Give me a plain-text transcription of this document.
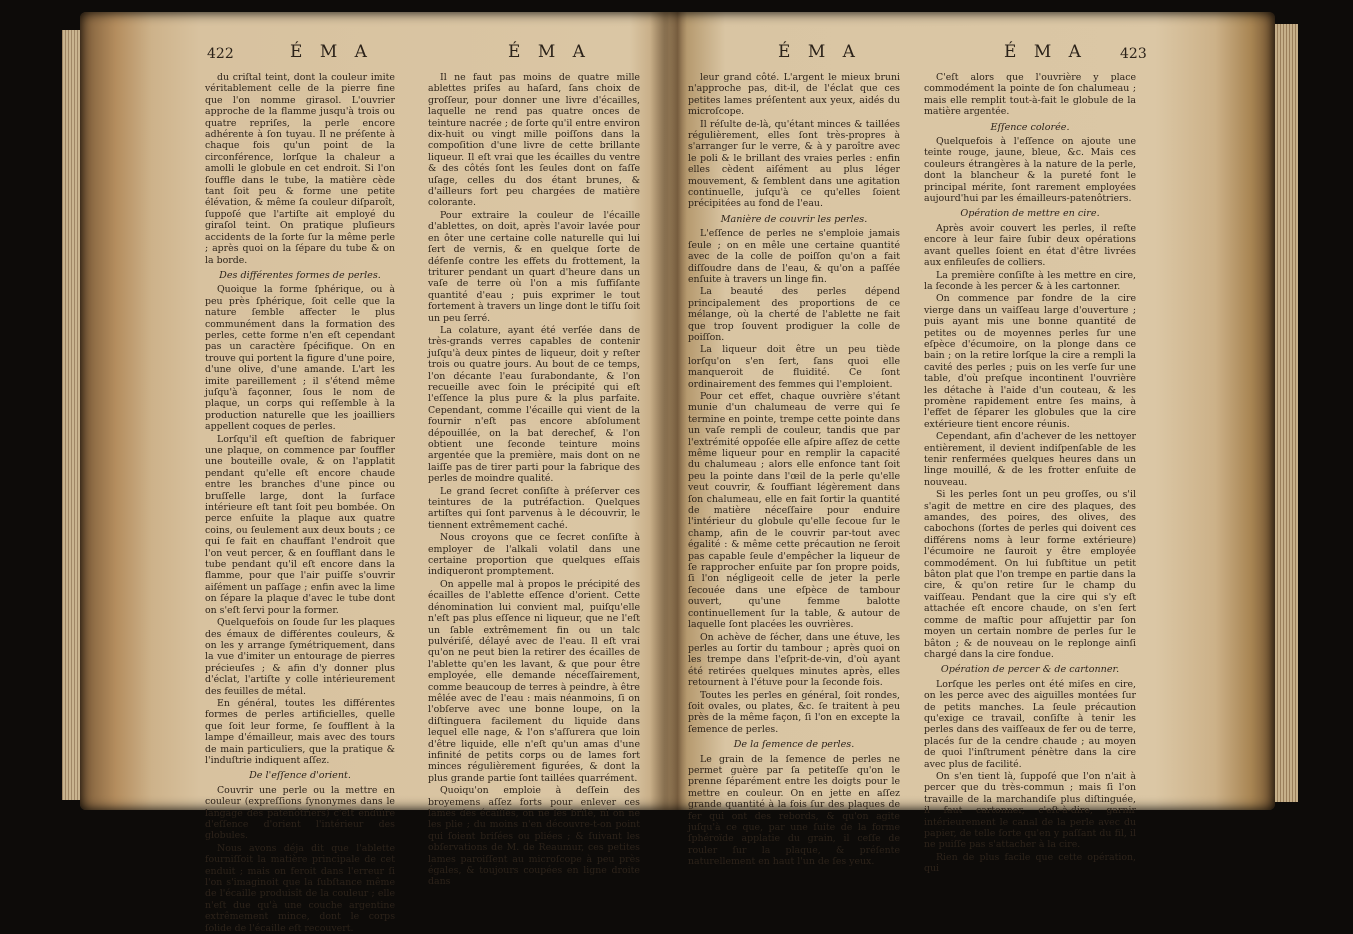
422	É M A	É M A

du criſtal teint, dont la couleur imite véritablement celle de la pierre fine que l'on nomme girasol. L'ouvrier approche de la flamme jusqu'à trois ou quatre repriſes, la perle encore adhérente à ſon tuyau. Il ne préſente à chaque fois qu'un point de la circonférence, lorſque la chaleur a amolli le globule en cet endroit. Si l'on ſouffle dans le tube, la matière cède tant ſoit peu & forme une petite élévation, & même ſa couleur diſparoît, ſuppoſé que l'artiſte ait employé du giraſol teint. On pratique pluſieurs accidents de la ſorte ſur la même perle ; après quoi on la ſépare du tube & on la borde.

Des différentes formes de perles.

Quoique la forme ſphérique, ou à peu près ſphérique, ſoit celle que la nature ſemble affecter le plus communément dans la formation des perles, cette forme n'en eſt cependant pas un caractère ſpécifique. On en trouve qui portent la figure d'une poire, d'une olive, d'une amande. L'art les imite pareillement ; il s'étend même juſqu'à façonner, ſous le nom de plaque, un corps qui reſſemble à la production naturelle que les joailliers appellent coques de perles.

Lorſqu'il eſt queſtion de fabriquer une plaque, on commence par ſouffler une bouteille ovale, & on l'applatit pendant qu'elle eſt encore chaude entre les branches d'une pince ou bruſſelle large, dont la ſurface intérieure eſt tant ſoit peu bombée. On perce enſuite la plaque aux quatre coins, ou ſeulement aux deux bouts ; ce qui ſe fait en chauffant l'endroit que l'on veut percer, & en ſoufflant dans le tube pendant qu'il eſt encore dans la flamme, pour que l'air puiſſe s'ouvrir aiſément un paſſage ; enfin avec la lime on ſépare la plaque d'avec le tube dont on s'eſt ſervi pour la former.

Quelquefois on ſoude ſur les plaques des émaux de différentes couleurs, & on les y arrange ſymétriquement, dans la vue d'imiter un entourage de pierres précieuſes ; & afin d'y donner plus d'éclat, l'artiſte y colle intérieurement des feuilles de métal.

En général, toutes les différentes formes de perles artificielles, quelle que ſoit leur forme, ſe ſoufflent à la lampe d'émailleur, mais avec des tours de main particuliers, que la pratique & l'induſtrie indiquent aſſez.

De l'eſſence d'orient.

Couvrir une perle ou la mettre en couleur (expreſſions ſynonymes dans le langage des patenôtriers) c'eſt enduire d'eſſence d'orient l'intérieur des globules.

Nous avons déja dit que l'ablette fourniſſoit la matière principale de cet enduit ; mais on feroit dans l'erreur ſi l'on s'imaginoit que la ſubſtance même de l'écaille produisît de la couleur ; elle n'eſt due qu'à une couche argentine extrêmement mince, dont le corps ſolide de l'écaille eſt recouvert.

Il ne faut pas moins de quatre mille ablettes priſes au haſard, ſans choix de groſſeur, pour donner une livre d'écailles, laquelle ne rend pas quatre onces de teinture nacrée ; de ſorte qu'il entre environ dix-huit ou vingt mille poiſſons dans la compoſition d'une livre de cette brillante liqueur. Il eſt vrai que les écailles du ventre & des côtés ſont les ſeules dont on faſſe uſage, celles du dos étant brunes, & d'ailleurs fort peu chargées de matière colorante.

Pour extraire la couleur de l'écaille d'ablettes, on doit, après l'avoir lavée pour en ôter une certaine colle naturelle qui lui ſert de vernis, & en quelque ſorte de défenſe contre les effets du frottement, la triturer pendant un quart d'heure dans un vaſe de terre où l'on a mis ſuffiſante quantité d'eau ; puis exprimer le tout fortement à travers un linge dont le tiſſu ſoit un peu ſerré.

La colature, ayant été verſée dans de très-grands verres capables de contenir juſqu'à deux pintes de liqueur, doit y reſter trois ou quatre jours. Au bout de ce temps, l'on décante l'eau ſurabondante, & l'on recueille avec ſoin le précipité qui eſt l'eſſence la plus pure & la plus parfaite. Cependant, comme l'écaille qui vient de la fournir n'eſt pas encore abſolument dépouillée, on la bat derechef, & l'on obtient une ſeconde teinture moins argentée que la première, mais dont on ne laiſſe pas de tirer parti pour la fabrique des perles de moindre qualité.

Le grand ſecret conſiſte à préſerver ces teintures de la putréfaction. Quelques artiſtes qui ſont parvenus à le découvrir, le tiennent extrêmement caché.

Nous croyons que ce ſecret conſiſte à employer de l'alkali volatil dans une certaine proportion que quelques eſſais indiqueront promptement.

On appelle mal à propos le précipité des écailles de l'ablette eſſence d'orient. Cette dénomination lui convient mal, puiſqu'elle n'eſt pas plus eſſence ni liqueur, que ne l'eſt un ſable extrêmement fin ou un talc pulvériſé, délayé avec de l'eau. Il eſt vrai qu'on ne peut bien la retirer des écailles de l'ablette qu'en les lavant, & que pour être employée, elle demande néceſſairement, comme beaucoup de terres à peindre, à être mêlée avec de l'eau : mais néanmoins, ſi on l'obſerve avec une bonne loupe, on la diſtinguera facilement du liquide dans lequel elle nage, & l'on s'aſſurera que loin d'être liquide, elle n'eſt qu'un amas d'une infinité de petits corps ou de lames fort minces régulièrement figurées, & dont la plus grande partie ſont taillées quarrément.

Quoiqu'on emploie à deſſein des broyemens aſſez forts pour enlever ces lames des écailles, on ne les briſe, ni on ne les plie ; du moins n'en découvre-t-on point qui ſoient briſées ou pliées ; & ſuivant les obſervations de M. de Reaumur, ces petites lames paroiſſent au microſcope à peu près égales, & toujours coupées en ligne droite dans

É M A	É M A 423

leur grand côté. L'argent le mieux bruni n'approche pas, dit-il, de l'éclat que ces petites lames préſentent aux yeux, aidés du microſcope.

Il réſulte de-là, qu'étant minces & taillées régulièrement, elles ſont très-propres à s'arranger ſur le verre, & à y paroître avec le poli & le brillant des vraies perles : enfin elles cèdent aiſément au plus léger mouvement, & ſemblent dans une agitation continuelle, juſqu'à ce qu'elles ſoient précipitées au fond de l'eau.

Manière de couvrir les perles.

L'eſſence de perles ne s'emploie jamais ſeule ; on en mêle une certaine quantité avec de la colle de poiſſon qu'on a fait diſſoudre dans de l'eau, & qu'on a paſſée enſuite à travers un linge fin.

La beauté des perles dépend principalement des proportions de ce mélange, où la cherté de l'ablette ne fait que trop ſouvent prodiguer la colle de poiſſon.

La liqueur doit être un peu tiède lorſqu'on s'en ſert, ſans quoi elle manqueroit de fluidité. Ce ſont ordinairement des femmes qui l'emploient.

Pour cet effet, chaque ouvrière s'étant munie d'un chalumeau de verre qui ſe termine en pointe, trempe cette pointe dans un vaſe rempli de couleur, tandis que par l'extrémité oppoſée elle aſpire aſſez de cette même liqueur pour en remplir la capacité du chalumeau ; alors elle enfonce tant ſoit peu la pointe dans l'œil de la perle qu'elle veut couvrir, & ſouffiant légèrement dans ſon chalumeau, elle en fait ſortir la quantité de matière néceſſaire pour enduire l'intérieur du globule qu'elle ſecoue ſur le champ, afin de le couvrir par-tout avec égalité : & même cette précaution ne ſeroit pas capable ſeule d'empêcher la liqueur de ſe rapprocher enſuite par ſon propre poids, ſi l'on négligeoit celle de jeter la perle ſecouée dans une eſpèce de tambour ouvert, qu'une femme balotte continuellement ſur la table, & autour de laquelle ſont placées les ouvrières.

On achève de ſécher, dans une étuve, les perles au ſortir du tambour ; après quoi on les trempe dans l'eſprit-de-vin, d'où ayant été retirées quelques minutes après, elles retournent à l'étuve pour la ſeconde fois.

Toutes les perles en général, ſoit rondes, ſoit ovales, ou plates, &c. ſe traitent à peu près de la même façon, ſi l'on en excepte la ſemence de perles.

De la ſemence de perles.

Le grain de la ſemence de perles ne permet guère par ſa petiteſſe qu'on le prenne ſéparément entre les doigts pour le mettre en couleur. On en jette en aſſez grande quantité à la fois ſur des plaques de fer qui ont des rebords, & qu'on agite juſqu'à ce que, par une ſuite de la forme ſphéroïde applatie du grain, il ceſſe de rouler ſur la plaque, & préſente naturellement en haut l'un de ſes yeux.

C'eſt alors que l'ouvrière y place commodément la pointe de ſon chalumeau ; mais elle remplit tout-à-fait le globule de la matière argentée.

Eſſence colorée.

Quelquefois à l'eſſence on ajoute une teinte rouge, jaune, bleue, &c. Mais ces couleurs étrangères à la nature de la perle, dont la blancheur & la pureté font le principal mérite, ſont rarement employées aujourd'hui par les émailleurs-patenôtriers.

Opération de mettre en cire.

Après avoir couvert les perles, il reſte encore à leur faire ſubir deux opérations avant quelles ſoient en état d'être livrées aux enfileuſes de colliers.

La première conſiſte à les mettre en cire, la ſeconde à les percer & à les cartonner.

On commence par fondre de la cire vierge dans un vaiſſeau large d'ouverture ; puis ayant mis une bonne quantité de petites ou de moyennes perles ſur une eſpèce d'écumoire, on la plonge dans ce bain ; on la retire lorſque la cire a rempli la cavité des perles ; puis on les verſe ſur une table, d'où preſque incontinent l'ouvrière les détache à l'aide d'un couteau, & les promène rapidement entre ſes mains, à l'effet de ſéparer les globules que la cire extérieure tient encore réunis.

Cependant, afin d'achever de les nettoyer entièrement, il devient indiſpenſable de les tenir renfermées quelques heures dans un linge mouillé, & de les frotter enſuite de nouveau.

Si les perles ſont un peu groſſes, ou s'il s'agit de mettre en cire des plaques, des amandes, des poires, des olives, des cabochons (ſortes de perles qui doivent ces différens noms à leur forme extérieure) l'écumoire ne ſauroit y être employée commodément. On lui ſubſtitue un petit bâton plat que l'on trempe en partie dans la cire, & qu'on retire ſur le champ du vaiſſeau. Pendant que la cire qui s'y eſt attachée eſt encore chaude, on s'en ſert comme de maſtic pour aſſujettir par ſon moyen un certain nombre de perles ſur le bâton ; & de nouveau on le replonge ainſi chargé dans la cire fondue.

Opération de percer & de cartonner.

Lorſque les perles ont été miſes en cire, on les perce avec des aiguilles montées ſur de petits manches. La ſeule précaution qu'exige ce travail, conſiſte à tenir les perles dans des vaiſſeaux de fer ou de terre, placés ſur de la cendre chaude ; au moyen de quoi l'inſtrument pénètre dans la cire avec plus de facilité.

On s'en tient là, ſuppoſé que l'on n'ait à percer que du très-commun ; mais ſi l'on travaille de la marchandiſe plus diſtinguée, il faut cartonner, c'eſt-à-dire, garnir intérieurement le canal de la perle avec du papier, de telle ſorte qu'en y paſſant du fil, il ne puiſſe pas s'attacher à la cire.

Rien de plus facile que cette opération, qui
